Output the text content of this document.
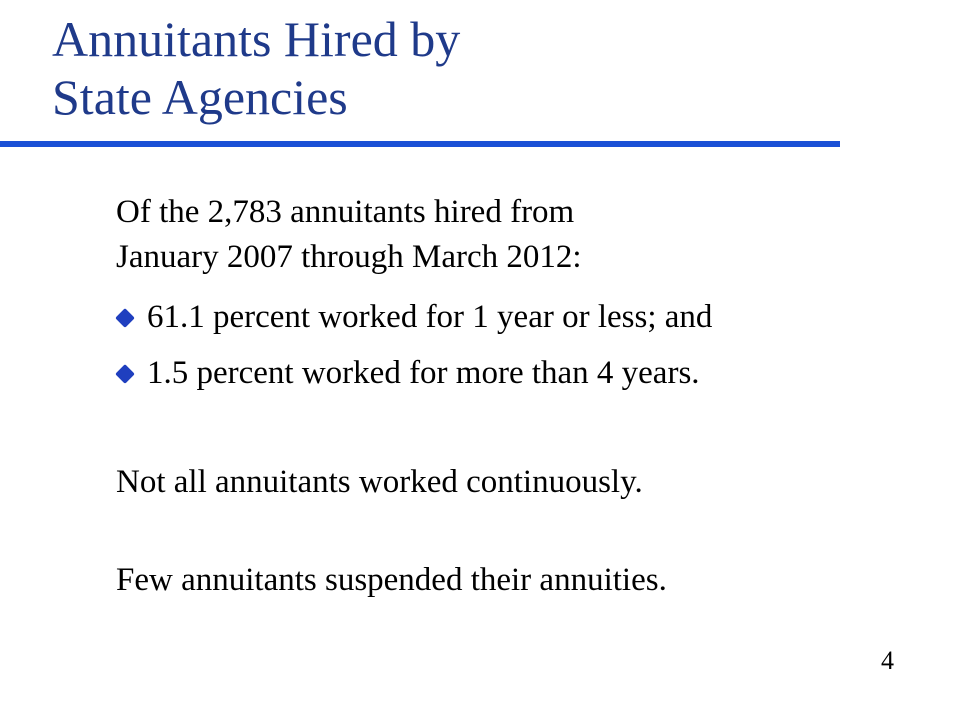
Annuitants Hired by
State Agencies

Of the 2,783 annuitants hired from
January 2007 through March 2012:

61.1 percent worked for 1 year or less; and
1.5 percent worked for more than 4 years.

Not all annuitants worked continuously.

Few annuitants suspended their annuities.

4
